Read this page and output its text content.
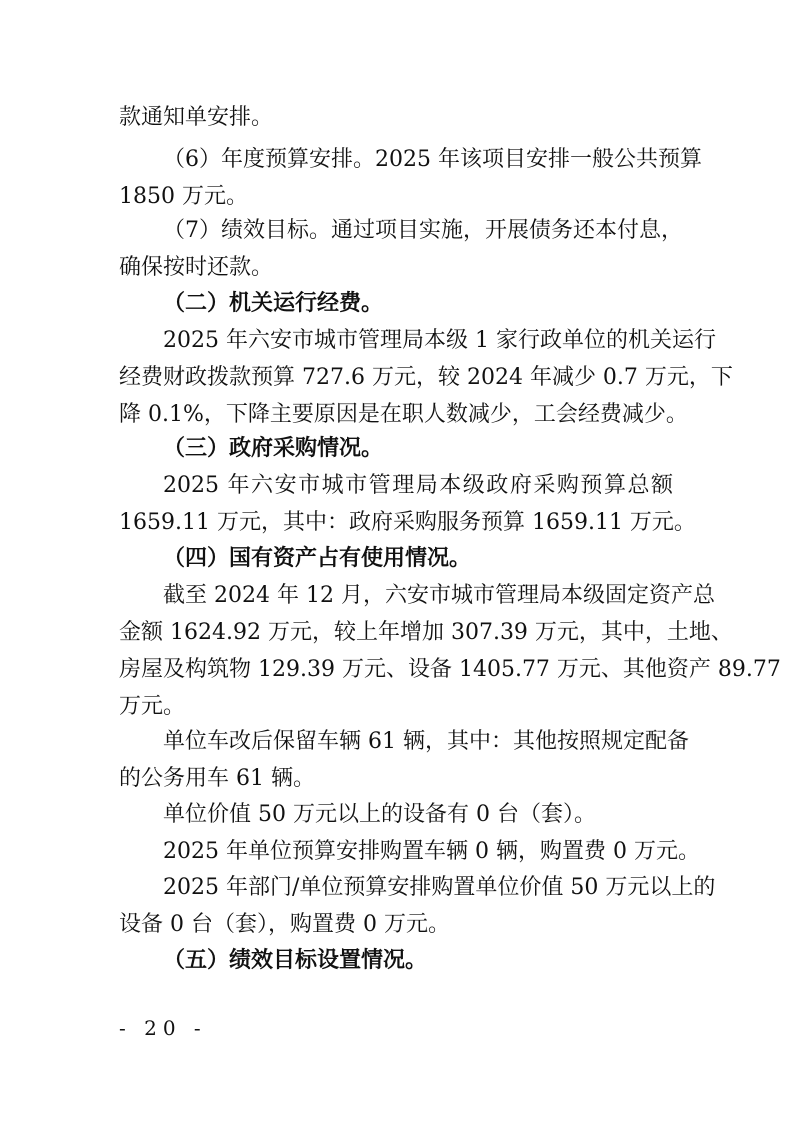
款通知单安排。
（6）年度预算安排。2025 年该项目安排一般公共预算
1850 万元。
（7）绩效目标。通过项目实施，开展债务还本付息，
确保按时还款。
（二）机关运行经费。
2025 年六安市城市管理局本级 1 家行政单位的机关运行
经费财政拨款预算 727.6 万元，较 2024 年减少 0.7 万元，下
降 0.1%，下降主要原因是在职人数减少，工会经费减少。
（三）政府采购情况。
2025 年六安市城市管理局本级政府采购预算总额
1659.11 万元，其中：政府采购服务预算 1659.11 万元。
（四）国有资产占有使用情况。
截至 2024 年 12 月，六安市城市管理局本级固定资产总
金额 1624.92 万元，较上年增加 307.39 万元，其中，土地、
房屋及构筑物 129.39 万元、设备 1405.77 万元、其他资产 89.77
万元。
单位车改后保留车辆 61 辆，其中：其他按照规定配备
的公务用车 61 辆。
单位价值 50 万元以上的设备有 0 台（套）。
2025 年单位预算安排购置车辆 0 辆，购置费 0 万元。
2025 年部门/单位预算安排购置单位价值 50 万元以上的
设备 0 台（套），购置费 0 万元。
（五）绩效目标设置情况。
- 20 -
